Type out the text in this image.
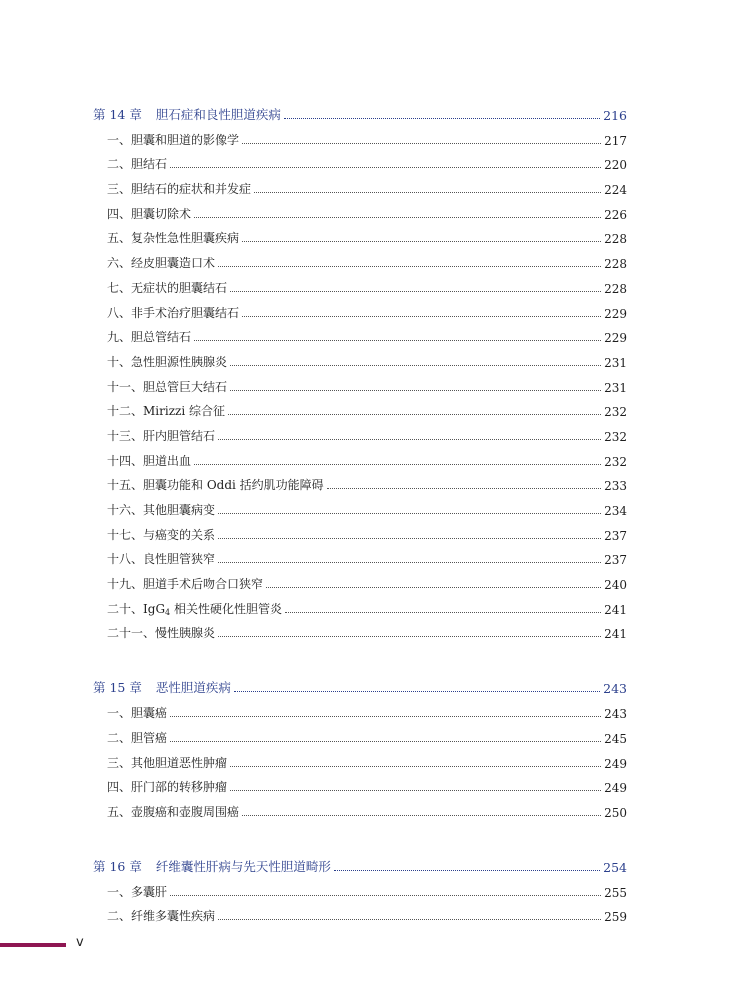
第 14 章 胆石症和良性胆道疾病	216
一、 胆囊和胆道的影像学	217
二、 胆结石	220
三、 胆结石的症状和并发症	224
四、 胆囊切除术	226
五、 复杂性急性胆囊疾病	228
六、 经皮胆囊造口术	228
七、 无症状的胆囊结石	228
八、 非手术治疗胆囊结石	229
九、 胆总管结石	229
十、 急性胆源性胰腺炎	231
十一、 胆总管巨大结石	231
十二、 Mirizzi 综合征	232
十三、 肝内胆管结石	232
十四、 胆道出血	232
十五、 胆囊功能和 Oddi 括约肌功能障碍	233
十六、 其他胆囊病变	234
十七、 与癌变的关系	237
十八、 良性胆管狭窄	237
十九、 胆道手术后吻合口狭窄	240
二十、 IgG$_4$ 相关性硬化性胆管炎	241
二十一、 慢性胰腺炎	241
第 15 章 恶性胆道疾病	243
一、 胆囊癌	243
二、 胆管癌	245
三、 其他胆道恶性肿瘤	249
四、 肝门部的转移肿瘤	249
五、 壶腹癌和壶腹周围癌	250
第 16 章 纤维囊性肝病与先天性胆道畸形	254
一、 多囊肝	255
二、 纤维多囊性疾病	259
v
